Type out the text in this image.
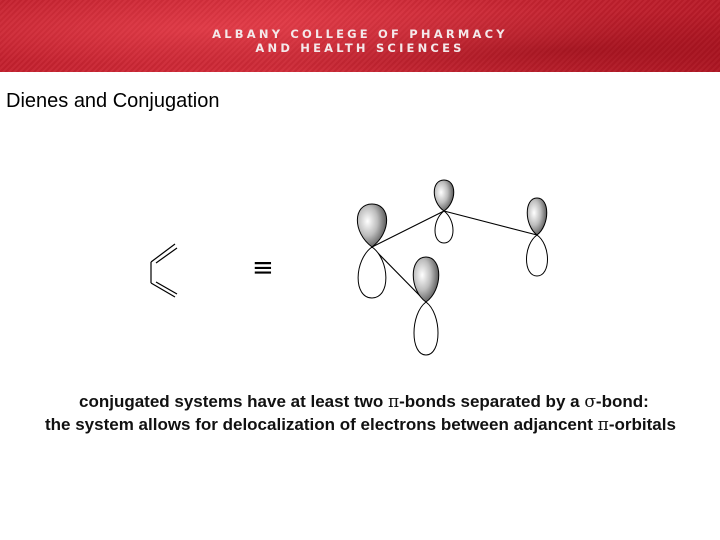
ALBANY COLLEGE OF PHARMACY
AND HEALTH SCIENCES
Dienes and Conjugation
≡
conjugated systems have at least two π-bonds separated by a σ-bond:
the system allows for delocalization of electrons between adjancent π-orbitals
